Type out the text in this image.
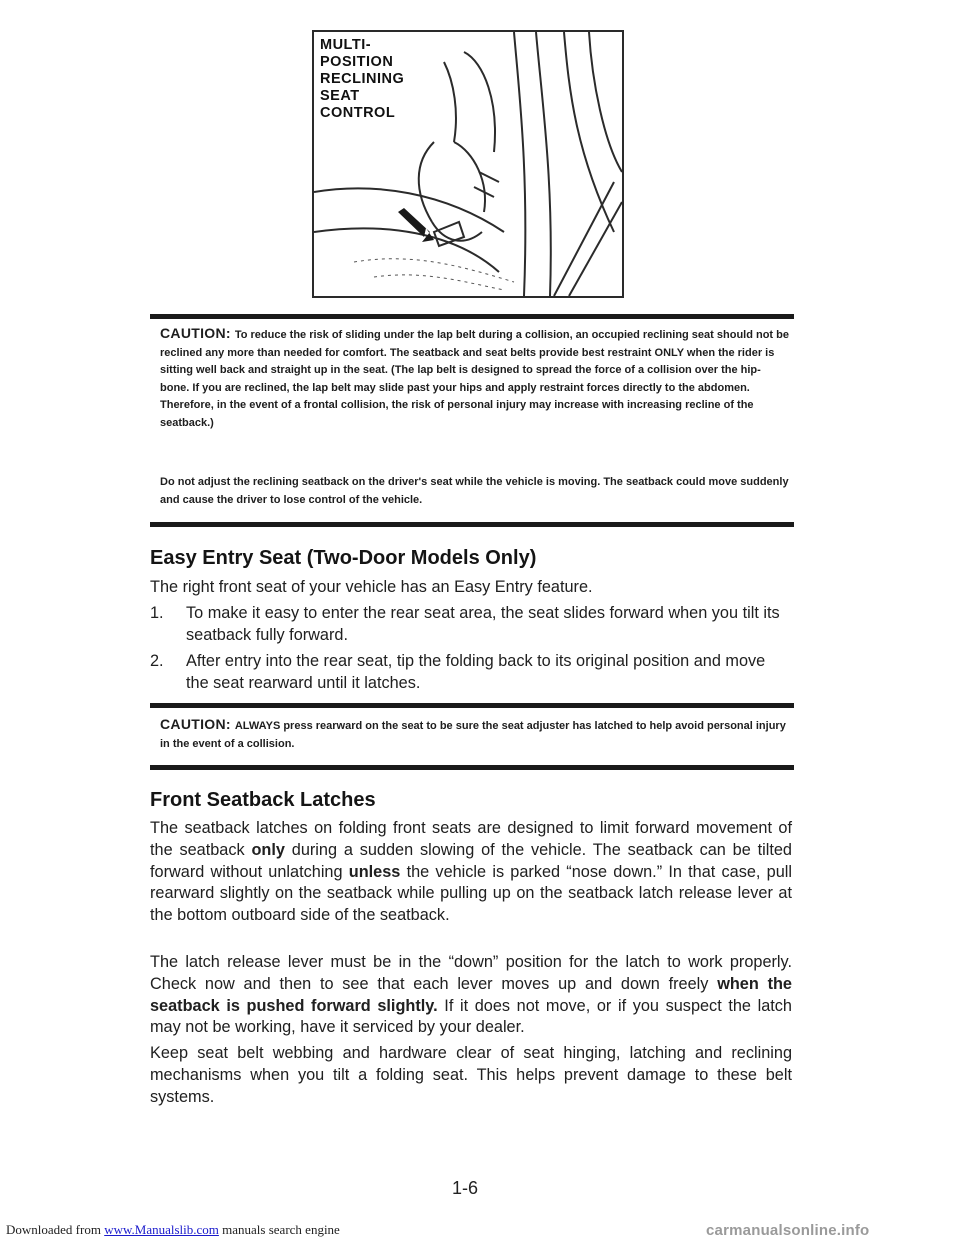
MULTI-
POSITION
RECLINING
SEAT
CONTROL

CAUTION: To reduce the risk of sliding under the lap belt during a collision, an occupied reclining seat should not be reclined any more than needed for comfort. The seatback and seat belts provide best restraint ONLY when the rider is sitting well back and straight up in the seat. (The lap belt is designed to spread the force of a collision over the hip-bone. If you are reclined, the lap belt may slide past your hips and apply restraint forces directly to the abdomen. Therefore, in the event of a frontal collision, the risk of personal injury may increase with increasing recline of the seatback.)

Do not adjust the reclining seatback on the driver's seat while the vehicle is moving. The seatback could move suddenly and cause the driver to lose control of the vehicle.

Easy Entry Seat (Two-Door Models Only)

The right front seat of your vehicle has an Easy Entry feature.

1.	To make it easy to enter the rear seat area, the seat slides forward when you tilt its seatback fully forward.
2.	After entry into the rear seat, tip the folding back to its original position and move the seat rearward until it latches.

CAUTION: ALWAYS press rearward on the seat to be sure the seat adjuster has latched to help avoid personal injury in the event of a collision.

Front Seatback Latches

The seatback latches on folding front seats are designed to limit forward movement of the seatback only during a sudden slowing of the vehicle. The seatback can be tilted forward without unlatching unless the vehicle is parked “nose down.” In that case, pull rearward slightly on the seatback while pulling up on the seatback latch release lever at the bottom outboard side of the seatback.

The latch release lever must be in the “down” position for the latch to work properly. Check now and then to see that each lever moves up and down freely when the seatback is pushed forward slightly. If it does not move, or if you suspect the latch may not be working, have it serviced by your dealer.

Keep seat belt webbing and hardware clear of seat hinging, latching and reclining mechanisms when you tilt a folding seat. This helps prevent damage to these belt systems.

1-6

Downloaded from www.Manualslib.com manuals search engine	carmanualsonline.info
